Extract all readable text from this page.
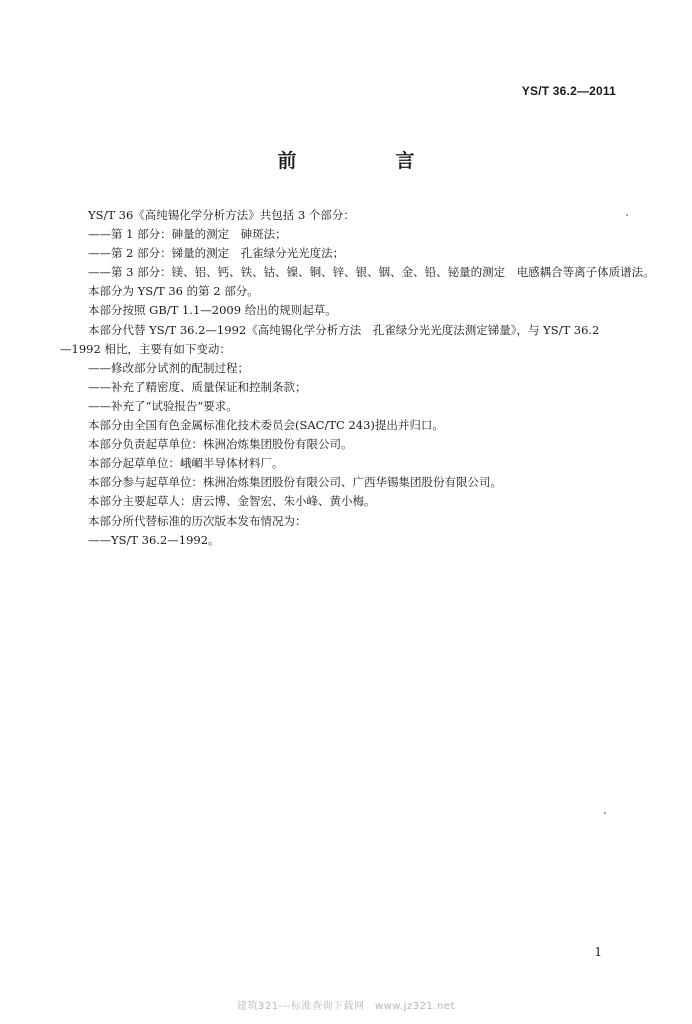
YS/T 36.2—2011
前　言

YS/T 36《高纯锡化学分析方法》共包括 3 个部分：

——第 1 部分：砷量的测定　砷斑法；

——第 2 部分：锑量的测定　孔雀绿分光光度法；

——第 3 部分：镁、铝、钙、铁、钴、镍、铜、锌、银、铟、金、铅、铋量的测定　电感耦合等离子体质谱法。

本部分为 YS/T 36 的第 2 部分。

本部分按照 GB/T 1.1—2009 给出的规则起草。

本部分代替 YS/T 36.2—1992《高纯锡化学分析方法　孔雀绿分光光度法测定锑量》，与 YS/T 36.2

—1992 相比，主要有如下变动：

——修改部分试剂的配制过程；

——补充了精密度、质量保证和控制条款；

——补充了“试验报告”要求。

本部分由全国有色金属标准化技术委员会(SAC/TC 243)提出并归口。

本部分负责起草单位：株洲冶炼集团股份有限公司。

本部分起草单位：峨嵋半导体材料厂。

本部分参与起草单位：株洲冶炼集团股份有限公司、广西华锡集团股份有限公司。

本部分主要起草人：唐云博、金智宏、朱小峰、黄小梅。

本部分所代替标准的历次版本发布情况为：

——YS/T 36.2—1992。

1
建筑321---标准查询下载网　www.jz321.net
